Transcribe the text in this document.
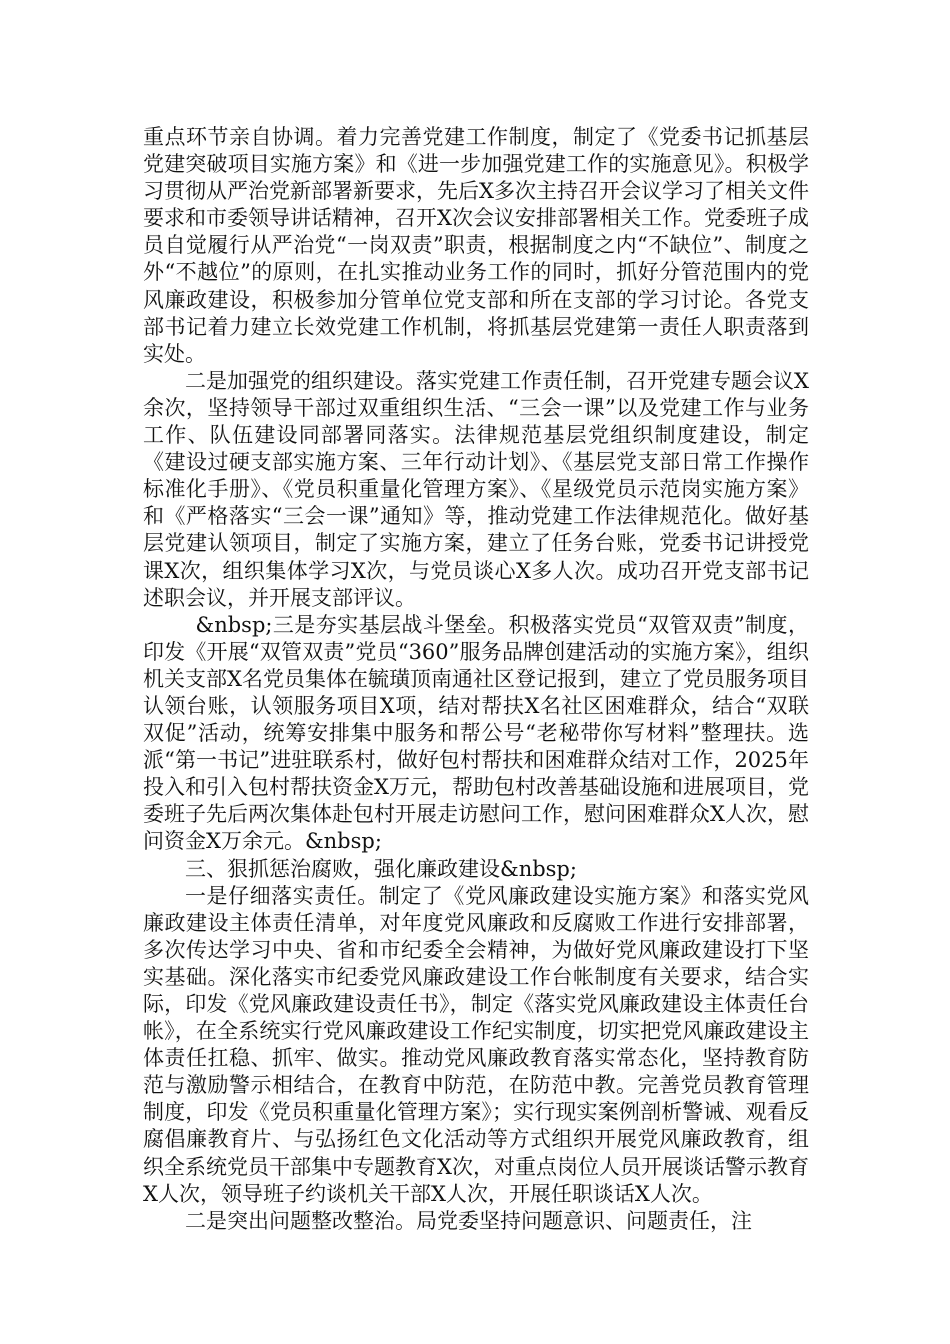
重点环节亲自协调。着力完善党建工作制度，制定了《党委书记抓基层党建突破项目实施方案》和《进一步加强党建工作的实施意见》。积极学习贯彻从严治党新部署新要求，先后X多次主持召开会议学习了相关文件要求和市委领导讲话精神，召开X次会议安排部署相关工作。党委班子成员自觉履行从严治党“一岗双责”职责，根据制度之内“不缺位”、制度之外“不越位”的原则，在扎实推动业务工作的同时，抓好分管范围内的党风廉政建设，积极参加分管单位党支部和所在支部的学习讨论。各党支部书记着力建立长效党建工作机制，将抓基层党建第一责任人职责落到实处。

二是加强党的组织建设。落实党建工作责任制，召开党建专题会议X余次，坚持领导干部过双重组织生活、“三会一课”以及党建工作与业务工作、队伍建设同部署同落实。法律规范基层党组织制度建设，制定《建设过硬支部实施方案、三年行动计划》、《基层党支部日常工作操作标准化手册》、《党员积重量化管理方案》、《星级党员示范岗实施方案》和《严格落实“三会一课”通知》等，推动党建工作法律规范化。做好基层党建认领项目，制定了实施方案，建立了任务台账，党委书记讲授党课X次，组织集体学习X次，与党员谈心X多人次。成功召开党支部书记述职会议，并开展支部评议。

&nbsp;三是夯实基层战斗堡垒。积极落实党员“双管双责”制度，印发《开展“双管双责”党员“360”服务品牌创建活动的实施方案》，组织机关支部X名党员集体在毓璜顶南通社区登记报到，建立了党员服务项目认领台账，认领服务项目X项，结对帮扶X名社区困难群众，结合“双联双促”活动，统筹安排集中服务和帮公号“老秘带你写材料”整理扶。选派“第一书记”进驻联系村，做好包村帮扶和困难群众结对工作，2025年投入和引入包村帮扶资金X万元，帮助包村改善基础设施和进展项目，党委班子先后两次集体赴包村开展走访慰问工作，慰问困难群众X人次，慰问资金X万余元。&nbsp;

三、狠抓惩治腐败，强化廉政建设&nbsp;

一是仔细落实责任。制定了《党风廉政建设实施方案》和落实党风廉政建设主体责任清单，对年度党风廉政和反腐败工作进行安排部署，多次传达学习中央、省和市纪委全会精神，为做好党风廉政建设打下坚实基础。深化落实市纪委党风廉政建设工作台帐制度有关要求，结合实际，印发《党风廉政建设责任书》，制定《落实党风廉政建设主体责任台帐》，在全系统实行党风廉政建设工作纪实制度，切实把党风廉政建设主体责任扛稳、抓牢、做实。推动党风廉政教育落实常态化，坚持教育防范与激励警示相结合，在教育中防范，在防范中教。完善党员教育管理制度，印发《党员积重量化管理方案》；实行现实案例剖析警诫、观看反腐倡廉教育片、与弘扬红色文化活动等方式组织开展党风廉政教育，组织全系统党员干部集中专题教育X次，对重点岗位人员开展谈话警示教育X人次，领导班子约谈机关干部X人次，开展任职谈话X人次。

二是突出问题整改整治。局党委坚持问题意识、问题责任，注
